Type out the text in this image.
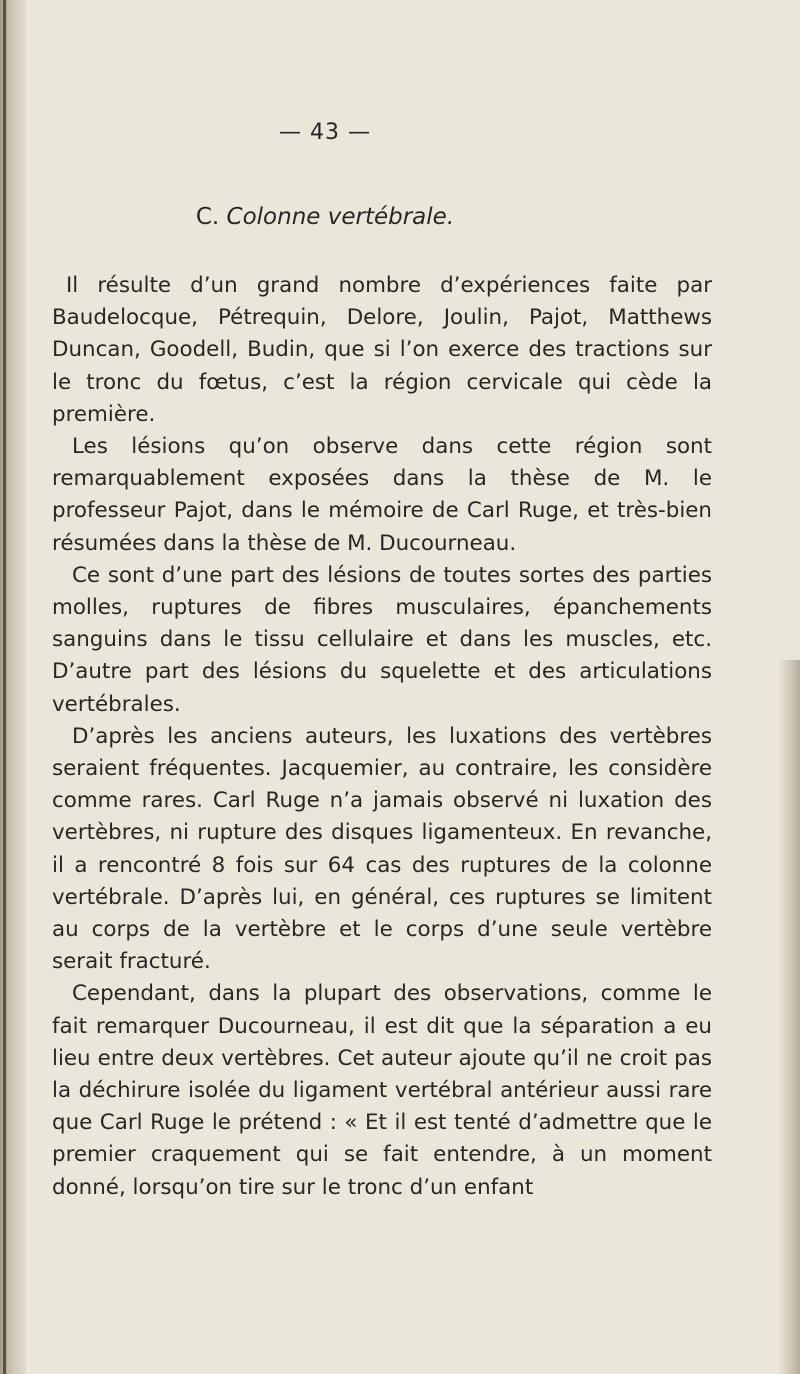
— 43 —
C. Colonne vertébrale.

Il résulte d’un grand nombre d’expériences faite par Baudelocque, Pétrequin, Delore, Joulin, Pajot, Matthews Duncan, Goodell, Budin, que si l’on exerce des tractions sur le tronc du fœtus, c’est la région cervicale qui cède la première.

Les lésions qu’on observe dans cette région sont remarquablement exposées dans la thèse de M. le professeur Pajot, dans le mémoire de Carl Ruge, et très-bien résumées dans la thèse de M. Ducourneau.

Ce sont d’une part des lésions de toutes sortes des parties molles, ruptures de fibres musculaires, épanchements sanguins dans le tissu cellulaire et dans les muscles, etc. D’autre part des lésions du squelette et des articulations vertébrales.

D’après les anciens auteurs, les luxations des vertèbres seraient fréquentes. Jacquemier, au contraire, les considère comme rares. Carl Ruge n’a jamais observé ni luxation des vertèbres, ni rupture des disques ligamenteux. En revanche, il a rencontré 8 fois sur 64 cas des ruptures de la colonne vertébrale. D’après lui, en général, ces ruptures se limitent au corps de la vertèbre et le corps d’une seule vertèbre serait fracturé.

Cependant, dans la plupart des observations, comme le fait remarquer Ducourneau, il est dit que la séparation a eu lieu entre deux vertèbres. Cet auteur ajoute qu’il ne croit pas la déchirure isolée du ligament vertébral antérieur aussi rare que Carl Ruge le prétend : « Et il est tenté d’admettre que le premier craquement qui se fait entendre, à un moment donné, lorsqu’on tire sur le tronc d’un enfant
